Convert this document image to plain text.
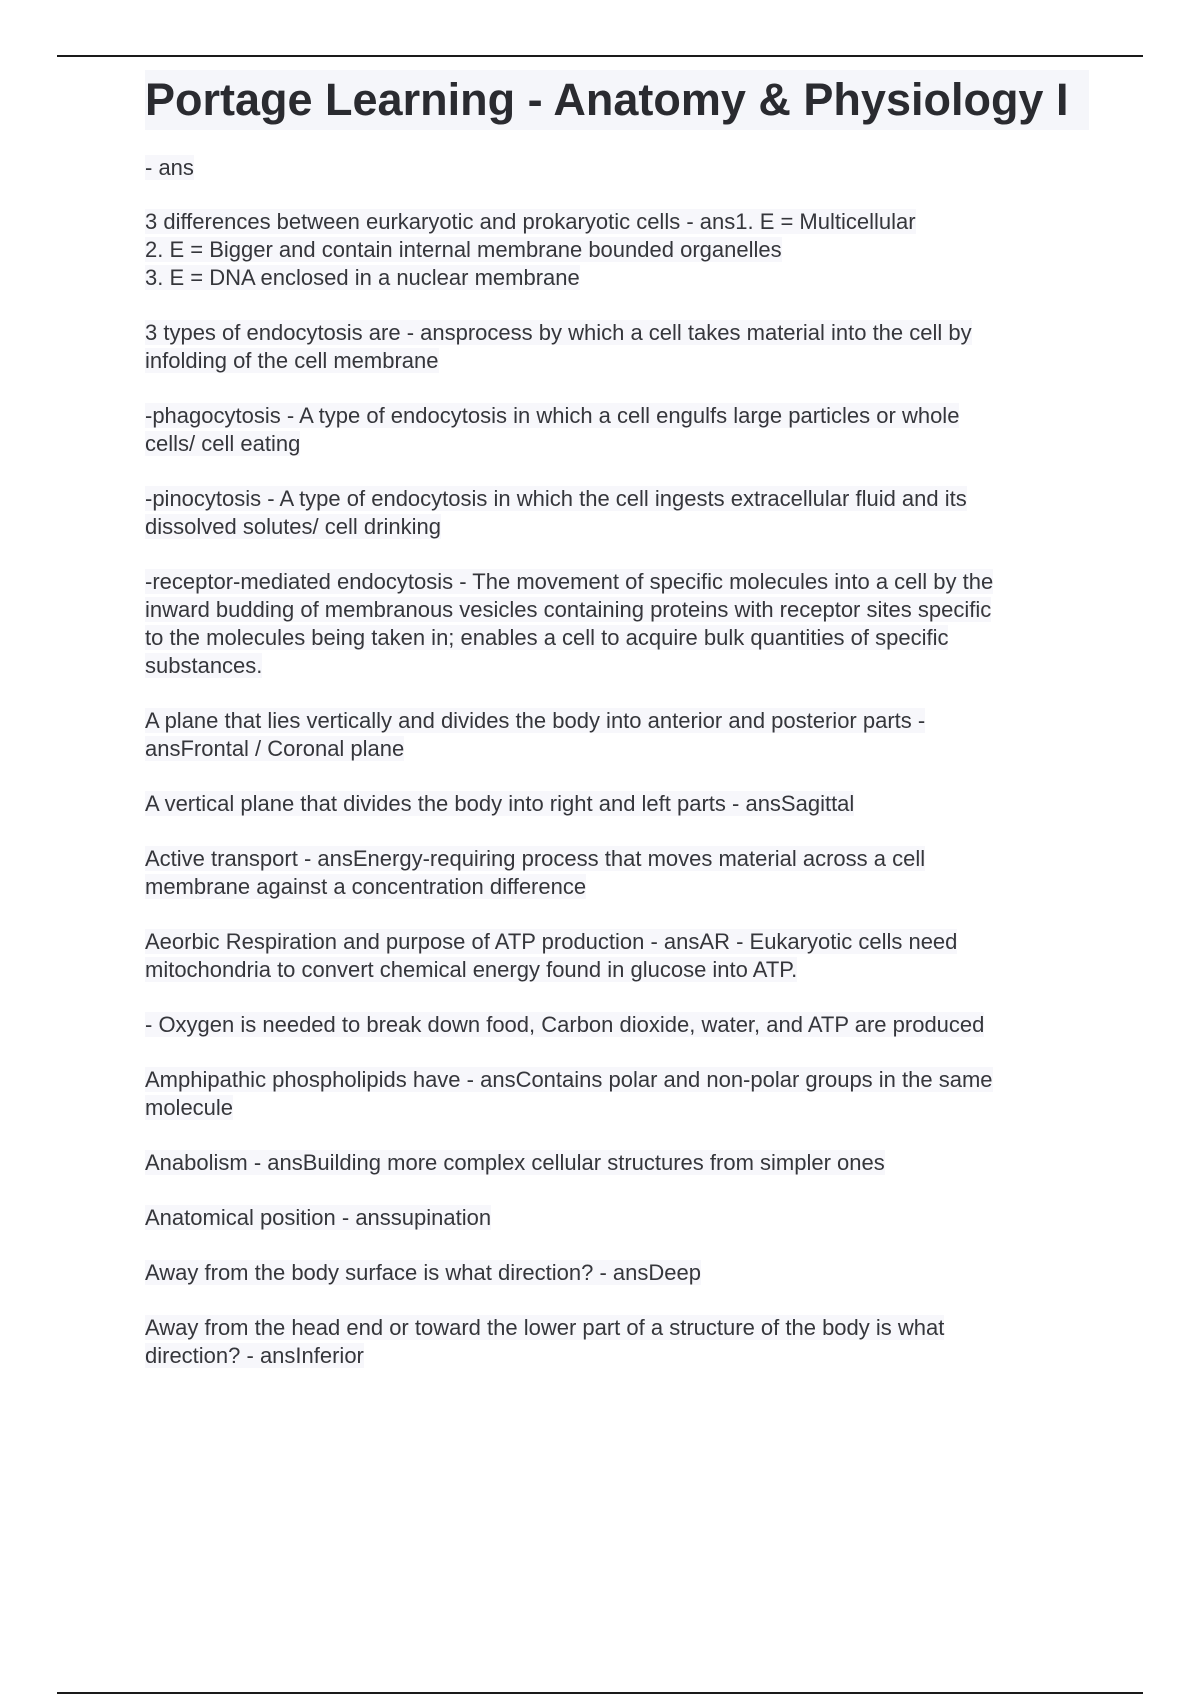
Portage Learning - Anatomy & Physiology I

- ans

3 differences between eurkaryotic and prokaryotic cells - ans1. E = Multicellular
2. E = Bigger and contain internal membrane bounded organelles
3. E = DNA enclosed in a nuclear membrane

3 types of endocytosis are - ansprocess by which a cell takes material into the cell by
infolding of the cell membrane

-phagocytosis - A type of endocytosis in which a cell engulfs large particles or whole
cells/ cell eating

-pinocytosis - A type of endocytosis in which the cell ingests extracellular fluid and its
dissolved solutes/ cell drinking

-receptor-mediated endocytosis - The movement of specific molecules into a cell by the
inward budding of membranous vesicles containing proteins with receptor sites specific
to the molecules being taken in; enables a cell to acquire bulk quantities of specific
substances.

A plane that lies vertically and divides the body into anterior and posterior parts -
ansFrontal / Coronal plane

A vertical plane that divides the body into right and left parts - ansSagittal

Active transport - ansEnergy-requiring process that moves material across a cell
membrane against a concentration difference

Aeorbic Respiration and purpose of ATP production - ansAR - Eukaryotic cells need
mitochondria to convert chemical energy found in glucose into ATP.

- Oxygen is needed to break down food, Carbon dioxide, water, and ATP are produced

Amphipathic phospholipids have - ansContains polar and non-polar groups in the same
molecule

Anabolism - ansBuilding more complex cellular structures from simpler ones

Anatomical position - anssupination

Away from the body surface is what direction? - ansDeep

Away from the head end or toward the lower part of a structure of the body is what
direction? - ansInferior
